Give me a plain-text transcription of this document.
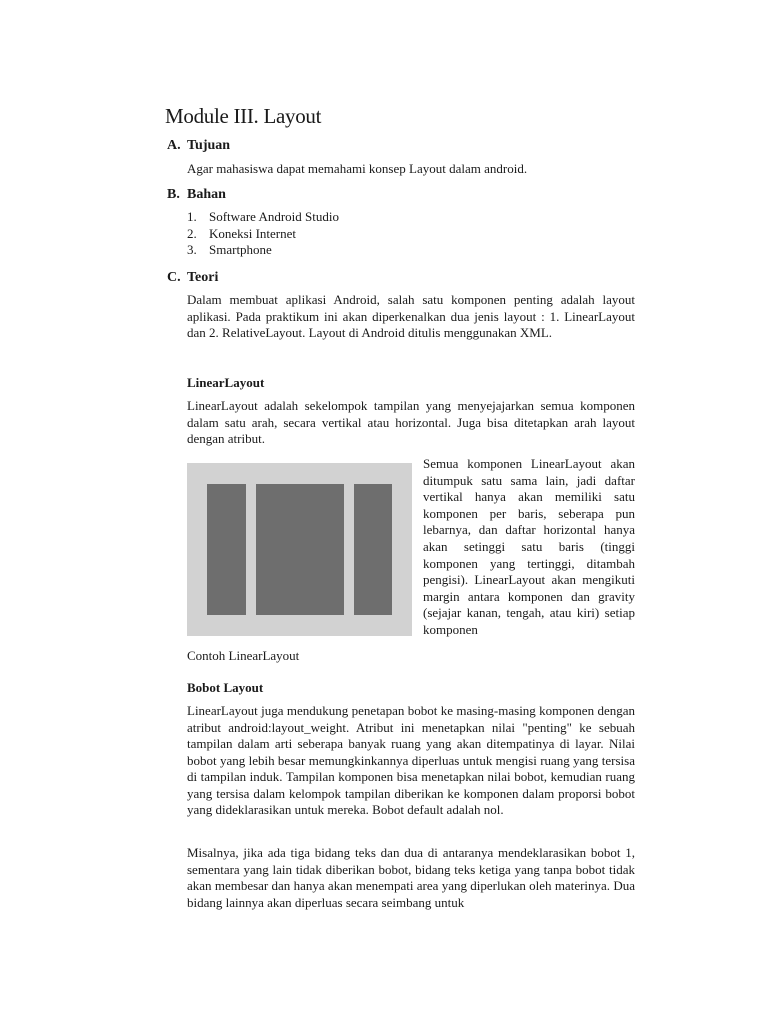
Module III. Layout
A. Tujuan

Agar mahasiswa dapat memahami konsep Layout dalam android.

B. Bahan
1. Software Android Studio
2. Koneksi Internet
3. Smartphone
C. Teori

Dalam membuat aplikasi Android, salah satu komponen penting adalah layout aplikasi. Pada praktikum ini akan diperkenalkan dua jenis layout : 1. LinearLayout dan 2. RelativeLayout. Layout di Android ditulis menggunakan XML.

LinearLayout

LinearLayout adalah sekelompok tampilan yang menyejajarkan semua komponen dalam satu arah, secara vertikal atau horizontal. Juga bisa ditetapkan arah layout dengan atribut.

Semua komponen LinearLayout akan ditumpuk satu sama lain, jadi daftar vertikal hanya akan memiliki satu komponen per baris, seberapa pun lebarnya, dan daftar horizontal hanya akan setinggi satu baris (tinggi komponen yang tertinggi, ditambah pengisi). LinearLayout akan mengikuti margin antara komponen dan gravity (sejajar kanan, tengah, atau kiri) setiap komponen

Contoh LinearLayout

Bobot Layout

LinearLayout juga mendukung penetapan bobot ke masing-masing komponen dengan atribut android:layout_weight. Atribut ini menetapkan nilai "penting" ke sebuah tampilan dalam arti seberapa banyak ruang yang akan ditempatinya di layar. Nilai bobot yang lebih besar memungkinkannya diperluas untuk mengisi ruang yang tersisa di tampilan induk. Tampilan komponen bisa menetapkan nilai bobot, kemudian ruang yang tersisa dalam kelompok tampilan diberikan ke komponen dalam proporsi bobot yang dideklarasikan untuk mereka. Bobot default adalah nol.

Misalnya, jika ada tiga bidang teks dan dua di antaranya mendeklarasikan bobot 1, sementara yang lain tidak diberikan bobot, bidang teks ketiga yang tanpa bobot tidak akan membesar dan hanya akan menempati area yang diperlukan oleh materinya. Dua bidang lainnya akan diperluas secara seimbang untuk
